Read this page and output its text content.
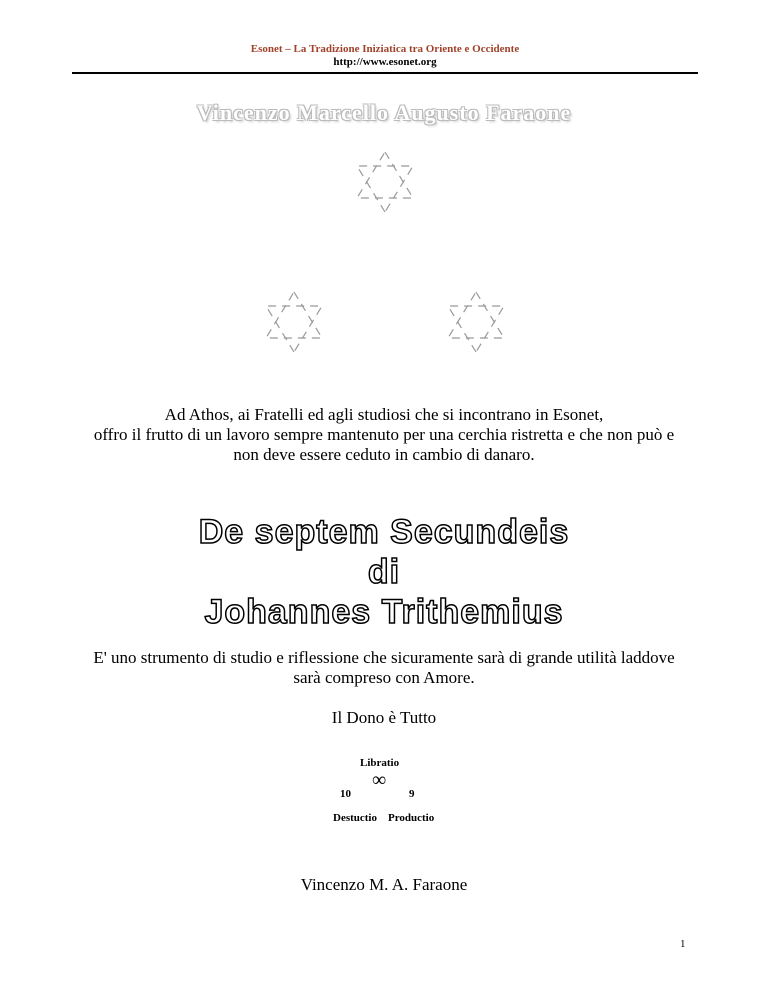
Esonet – La Tradizione Iniziatica tra Oriente e Occidente
http://www.esonet.org
Vincenzo Marcello Augusto Faraone
Ad Athos, ai Fratelli ed agli studiosi che si incontrano in Esonet,
offro il frutto di un lavoro sempre mantenuto per una cerchia ristretta e che non può e
non deve essere ceduto in cambio di danaro.
De septem Secundeis
di
Johannes Trithemius
E' uno strumento di studio e riflessione che sicuramente sarà di grande utilità laddove
sarà compreso con Amore.
Il Dono è Tutto
Libratio
∞
10	9
Destuctio Productio
Vincenzo M. A. Faraone
1
